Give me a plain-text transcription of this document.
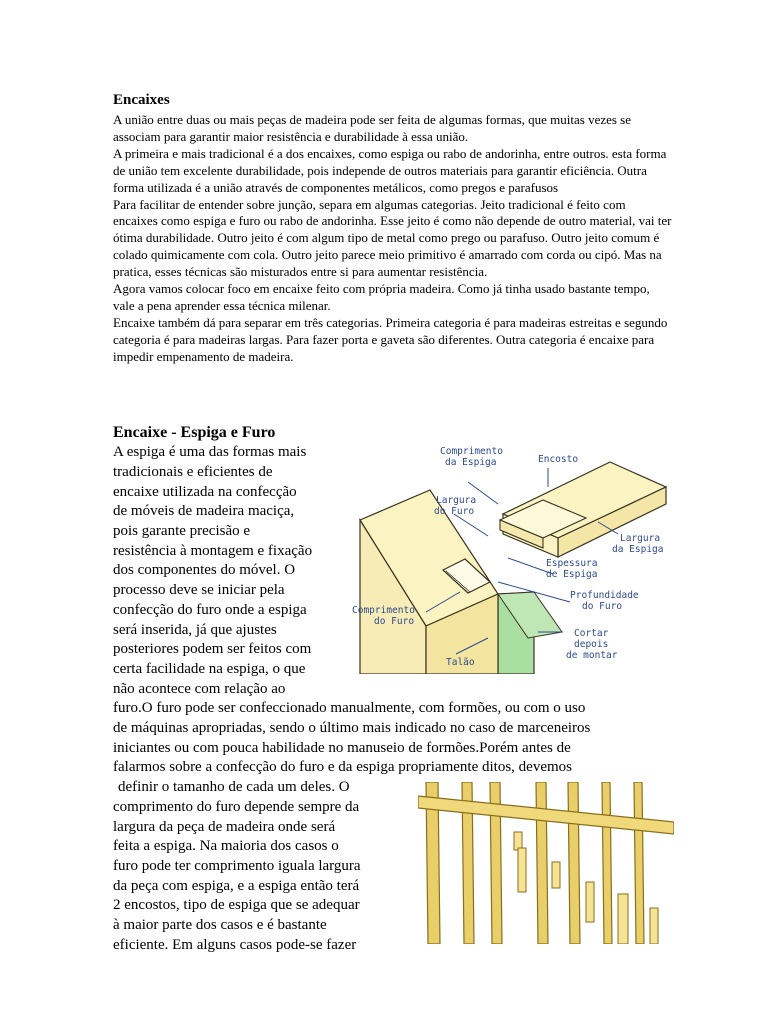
Encaixes

A união entre duas ou mais peças de madeira pode ser feita de algumas formas, que muitas vezes se associam para garantir maior resistência e durabilidade à essa união.

A primeira e mais tradicional é a dos encaixes, como espiga ou rabo de andorinha, entre outros. esta forma de união tem excelente durabilidade, pois independe de outros materiais para garantir eficiência. Outra forma utilizada é a união através de componentes metálicos, como pregos e parafusos

Para facilitar de entender sobre junção, separa em algumas categorias. Jeito tradicional é feito com encaixes como espiga e furo ou rabo de andorinha. Esse jeito é como não depende de outro material, vai ter ótima durabilidade. Outro jeito é com algum tipo de metal como prego ou parafuso. Outro jeito comum é colado quimicamente com cola. Outro jeito parece meio primitivo é amarrado com corda ou cipó. Mas na pratica, esses técnicas são misturados entre si para aumentar resistência.

Agora vamos colocar foco em encaixe feito com própria madeira. Como já tinha usado bastante tempo, vale a pena aprender essa técnica milenar.

Encaixe também dá para separar em três categorias. Primeira categoria é para madeiras estreitas e segundo categoria é para madeiras largas. Para fazer porta e gaveta são diferentes. Outra categoria é encaixe para impedir empenamento de madeira.

Encaixe - Espiga e Furo

A espiga é uma das formas mais

tradicionais e eficientes de

encaixe utilizada na confecção

de móveis de madeira maciça,

pois garante precisão e

resistência à montagem e fixação

dos componentes do móvel. O

processo deve se iniciar pela

confecção do furo onde a espiga

será inserida, já que ajustes

posteriores podem ser feitos com

certa facilidade na espiga, o que

não acontece com relação ao

furo.O furo pode ser confeccionado manualmente, com formões, ou com o uso

de máquinas apropriadas, sendo o último mais indicado no caso de marceneiros

iniciantes ou com pouca habilidade no manuseio de formões.Porém antes de

falarmos sobre a confecção do furo e da espiga propriamente ditos, devemos

definir o tamanho de cada um deles. O

comprimento do furo depende sempre da

largura da peça de madeira onde será

feita a espiga. Na maioria dos casos o

furo pode ter comprimento iguala largura

da peça com espiga, e a espiga então terá

2 encostos, tipo de espiga que se adequar

à maior parte dos casos e é bastante

eficiente. Em alguns casos pode-se fazer

Comprimento
da Espiga	Encosto
Largura
do Furo
Largura
da Espiga
Espessura
de Espiga
Profundidade
do Furo
Comprimento
do Furo
Cortar
depois
de montar
Talão
